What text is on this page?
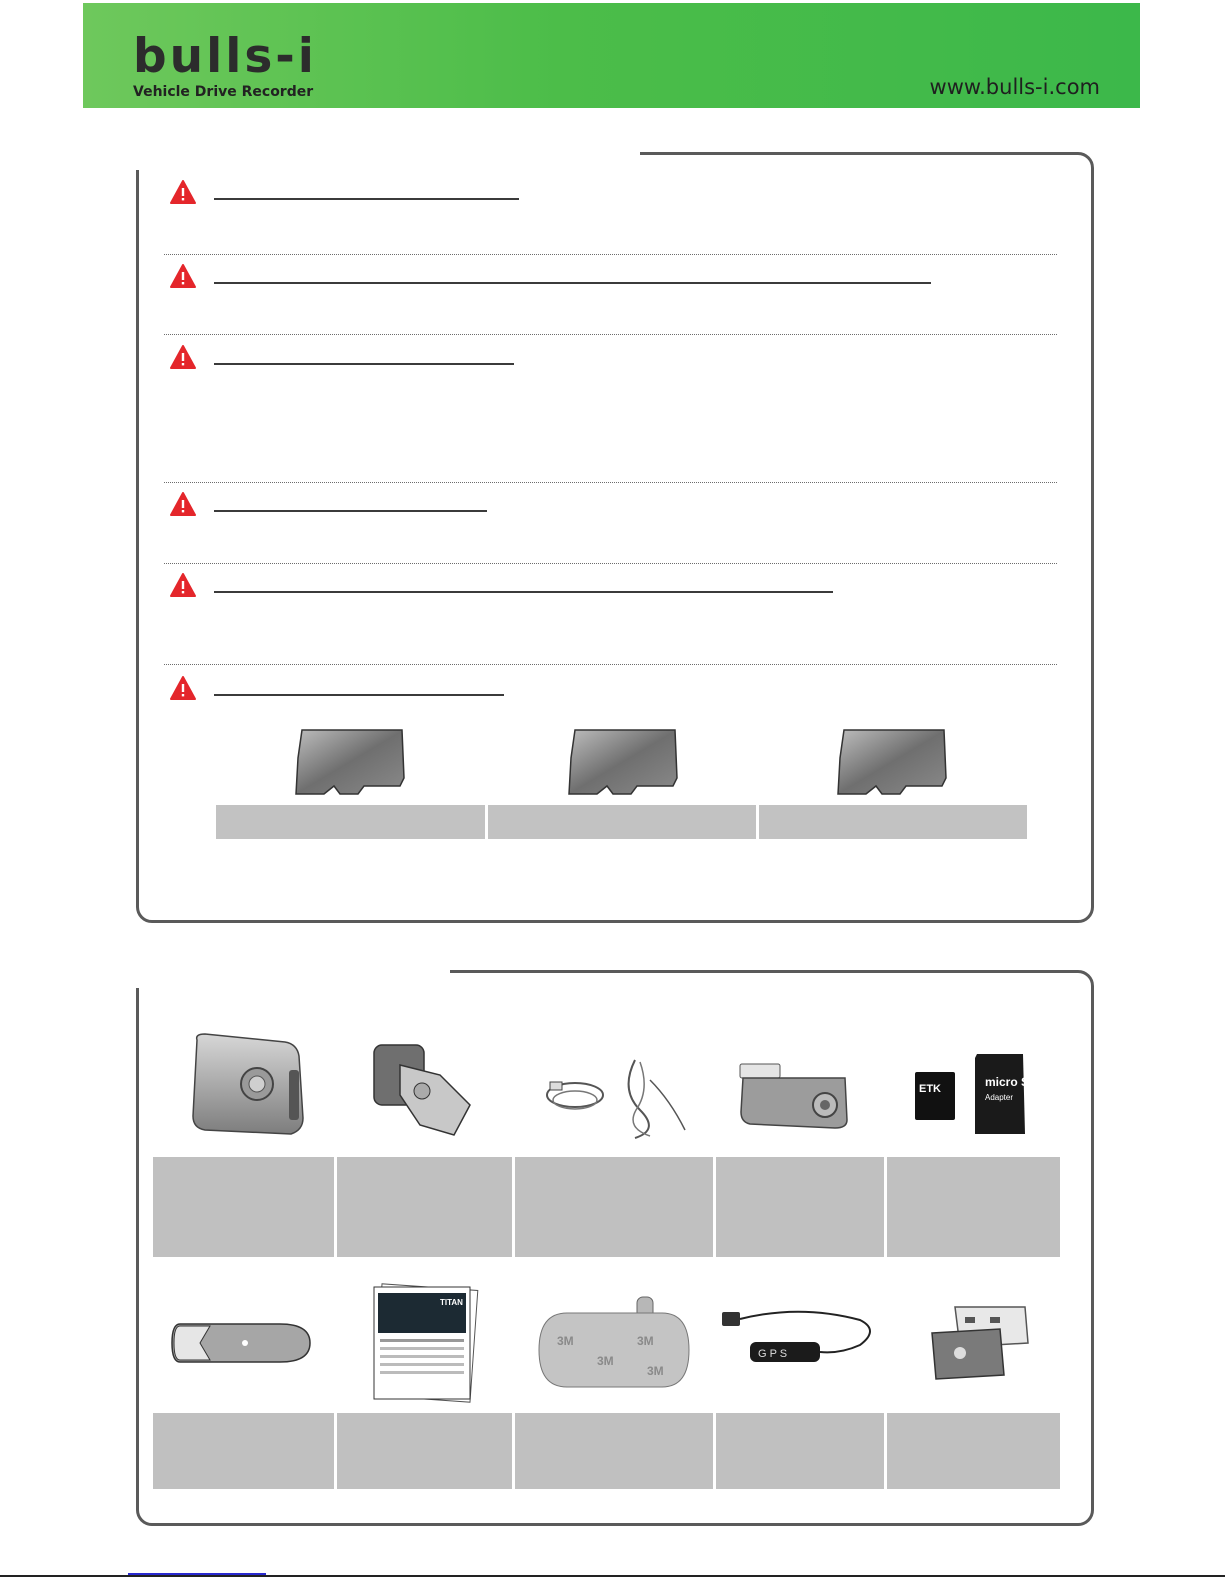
bulls-i
Vehicle Drive Recorder	www.bulls-i.com
ETK	micro SD
Adapter
TITAN
3M
3M
3M
3M
G P S
